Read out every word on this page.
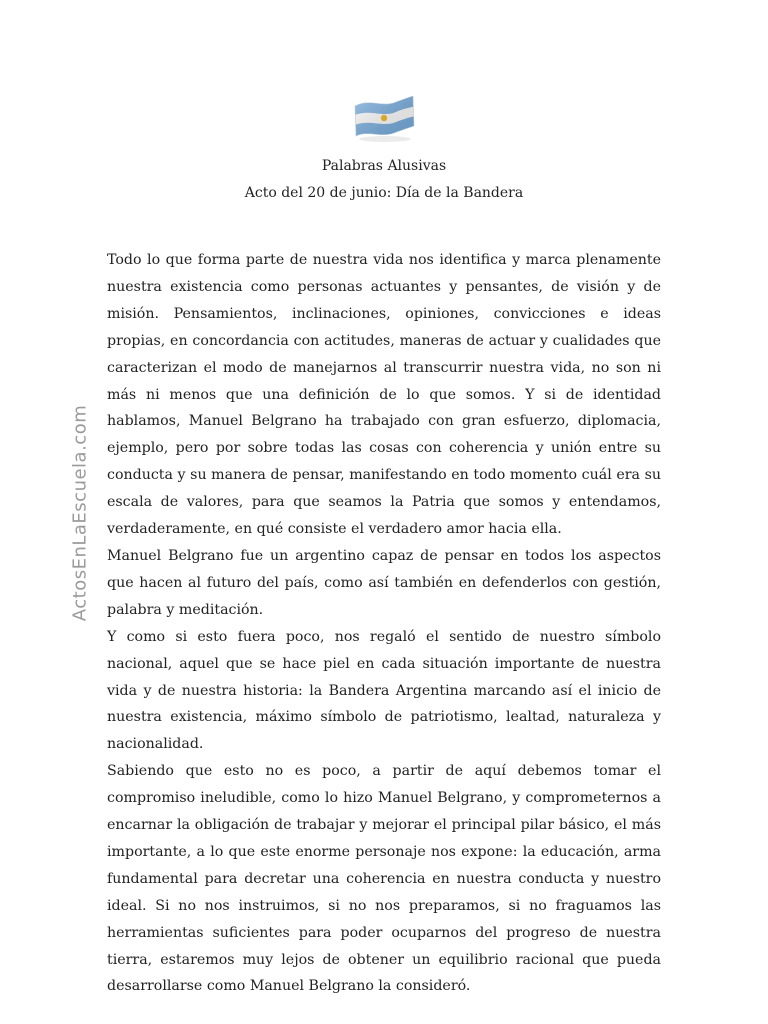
Palabras Alusivas
Acto del 20 de junio: Día de la Bandera
ActosEnLaEscuela.com

Todo lo que forma parte de nuestra vida nos identifica y marca plenamente nuestra existencia como personas actuantes y pensantes, de visión y de misión. Pensamientos, inclinaciones, opiniones, convicciones e ideas propias, en concordancia con actitudes, maneras de actuar y cualidades que caracterizan el modo de manejarnos al transcurrir nuestra vida, no son ni más ni menos que una definición de lo que somos. Y si de identidad hablamos, Manuel Belgrano ha trabajado con gran esfuerzo, diplomacia, ejemplo, pero por sobre todas las cosas con coherencia y unión entre su conducta y su manera de pensar, manifestando en todo momento cuál era su escala de valores, para que seamos la Patria que somos y entendamos, verdaderamente, en qué consiste el verdadero amor hacia ella.

Manuel Belgrano fue un argentino capaz de pensar en todos los aspectos que hacen al futuro del país, como así también en defenderlos con gestión, palabra y meditación.

Y como si esto fuera poco, nos regaló el sentido de nuestro símbolo nacional, aquel que se hace piel en cada situación importante de nuestra vida y de nuestra historia: la Bandera Argentina marcando así el inicio de nuestra existencia, máximo símbolo de patriotismo, lealtad, naturaleza y nacionalidad.

Sabiendo que esto no es poco, a partir de aquí debemos tomar el compromiso ineludible, como lo hizo Manuel Belgrano, y comprometernos a encarnar la obligación de trabajar y mejorar el principal pilar básico, el más importante, a lo que este enorme personaje nos expone: la educación, arma fundamental para decretar una coherencia en nuestra conducta y nuestro ideal. Si no nos instruimos, si no nos preparamos, si no fraguamos las herramientas suficientes para poder ocuparnos del progreso de nuestra tierra, estaremos muy lejos de obtener un equilibrio racional que pueda desarrollarse como Manuel Belgrano la consideró.
